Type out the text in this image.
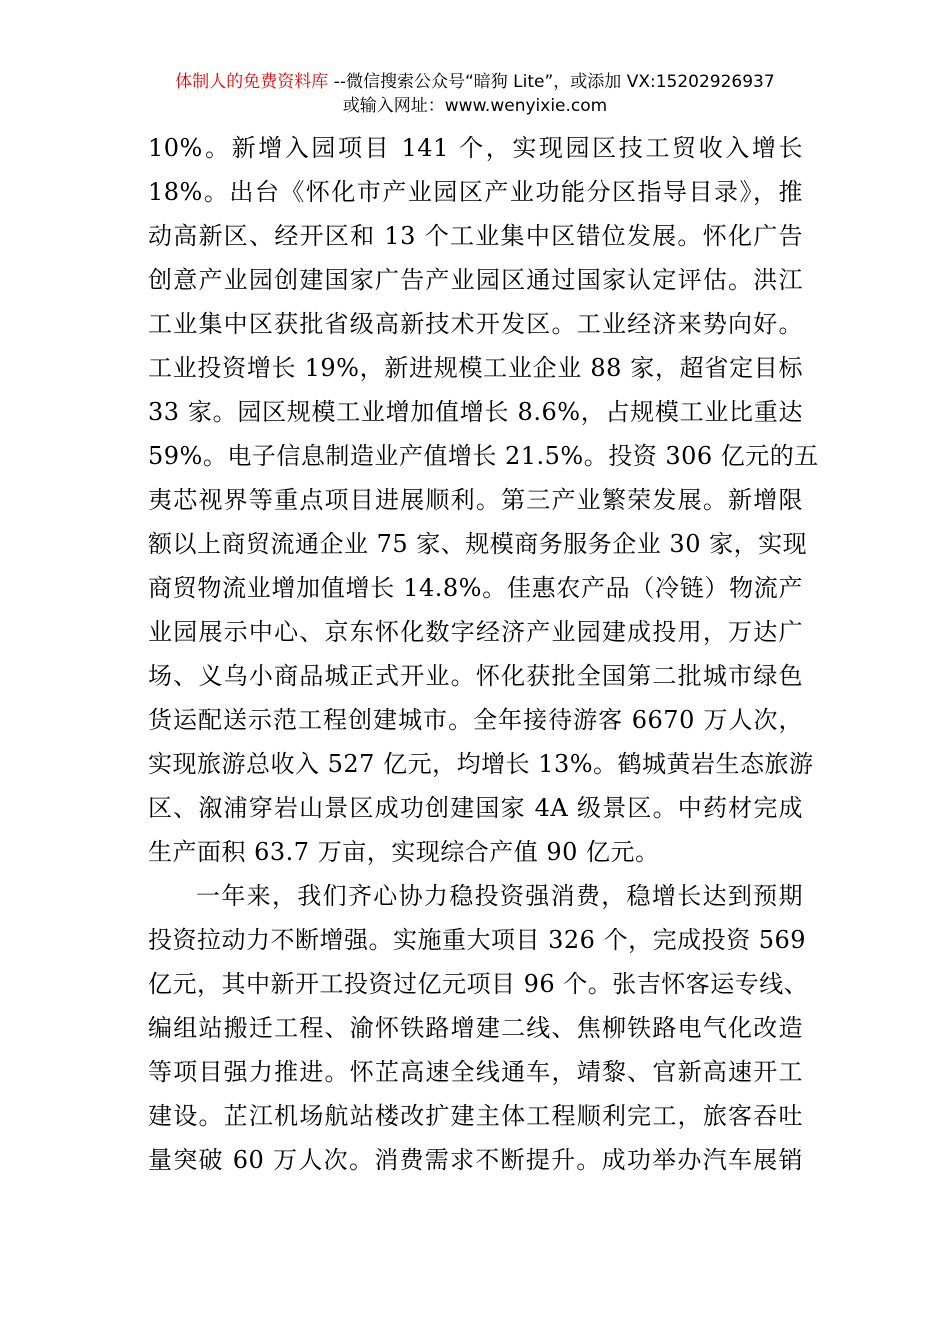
体制人的免费资料库 --微信搜索公众号“暗狗 Lite”，或添加 VX:15202926937
或输入网址：www.wenyixie.com
10%。新增入园项目 141 个，实现园区技工贸收入增长
18%。出台《怀化市产业园区产业功能分区指导目录》，推
动高新区、经开区和 13 个工业集中区错位发展。怀化广告
创意产业园创建国家广告产业园区通过国家认定评估。洪江
工业集中区获批省级高新技术开发区。工业经济来势向好。
工业投资增长 19%，新进规模工业企业 88 家，超省定目标
33 家。园区规模工业增加值增长 8.6%，占规模工业比重达
59%。电子信息制造业产值增长 21.5%。投资 306 亿元的五
夷芯视界等重点项目进展顺利。第三产业繁荣发展。新增限
额以上商贸流通企业 75 家、规模商务服务企业 30 家，实现
商贸物流业增加值增长 14.8%。佳惠农产品（冷链）物流产
业园展示中心、京东怀化数字经济产业园建成投用，万达广
场、义乌小商品城正式开业。怀化获批全国第二批城市绿色
货运配送示范工程创建城市。全年接待游客 6670 万人次，
实现旅游总收入 527 亿元，均增长 13%。鹤城黄岩生态旅游
区、溆浦穿岩山景区成功创建国家 4A 级景区。中药材完成
生产面积 63.7 万亩，实现综合产值 90 亿元。
一年来，我们齐心协力稳投资强消费，稳增长达到预期
投资拉动力不断增强。实施重大项目 326 个，完成投资 569
亿元，其中新开工投资过亿元项目 96 个。张吉怀客运专线、
编组站搬迁工程、渝怀铁路增建二线、焦柳铁路电气化改造
等项目强力推进。怀芷高速全线通车，靖黎、官新高速开工
建设。芷江机场航站楼改扩建主体工程顺利完工，旅客吞吐
量突破 60 万人次。消费需求不断提升。成功举办汽车展销
